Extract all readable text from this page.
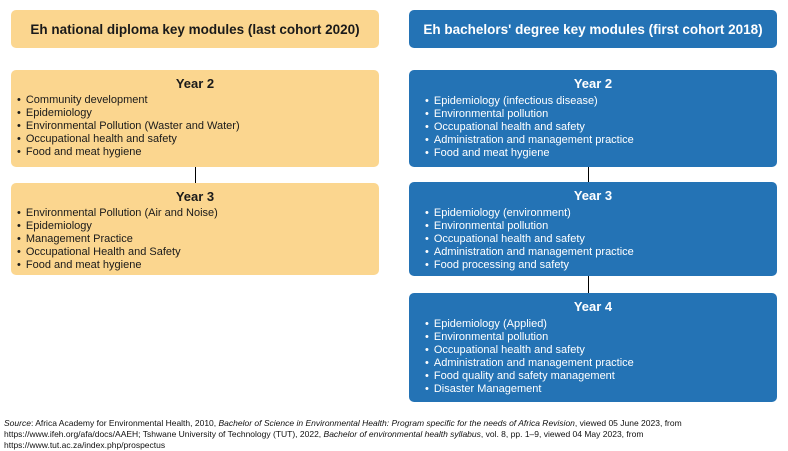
Eh national diploma key modules (last cohort 2020)
Year 2
• Community development
• Epidemiology
• Environmental Pollution (Waster and Water)
• Occupational health and safety
• Food and meat hygiene
Year 3
• Environmental Pollution (Air and Noise)
• Epidemiology
• Management Practice
• Occupational Health and Safety
• Food and meat hygiene
Eh bachelors' degree key modules (first cohort 2018)
Year 2
• Epidemiology (infectious disease)
• Environmental pollution
• Occupational health and safety
• Administration and management practice
• Food and meat hygiene
Year 3
• Epidemiology (environment)
• Environmental pollution
• Occupational health and safety
• Administration and management practice
• Food processing and safety
Year 4
• Epidemiology (Applied)
• Environmental pollution
• Occupational health and safety
• Administration and management practice
• Food quality and safety management
• Disaster Management
Source: Africa Academy for Environmental Health, 2010, Bachelor of Science in Environmental Health: Program specific for the needs of Africa Revision, viewed 05 June 2023, from https://www.ifeh.org/afa/docs/AAEH; Tshwane University of Technology (TUT), 2022, Bachelor of environmental health syllabus, vol. 8, pp. 1–9, viewed 04 May 2023, from https://www.tut.ac.za/index.php/prospectus
